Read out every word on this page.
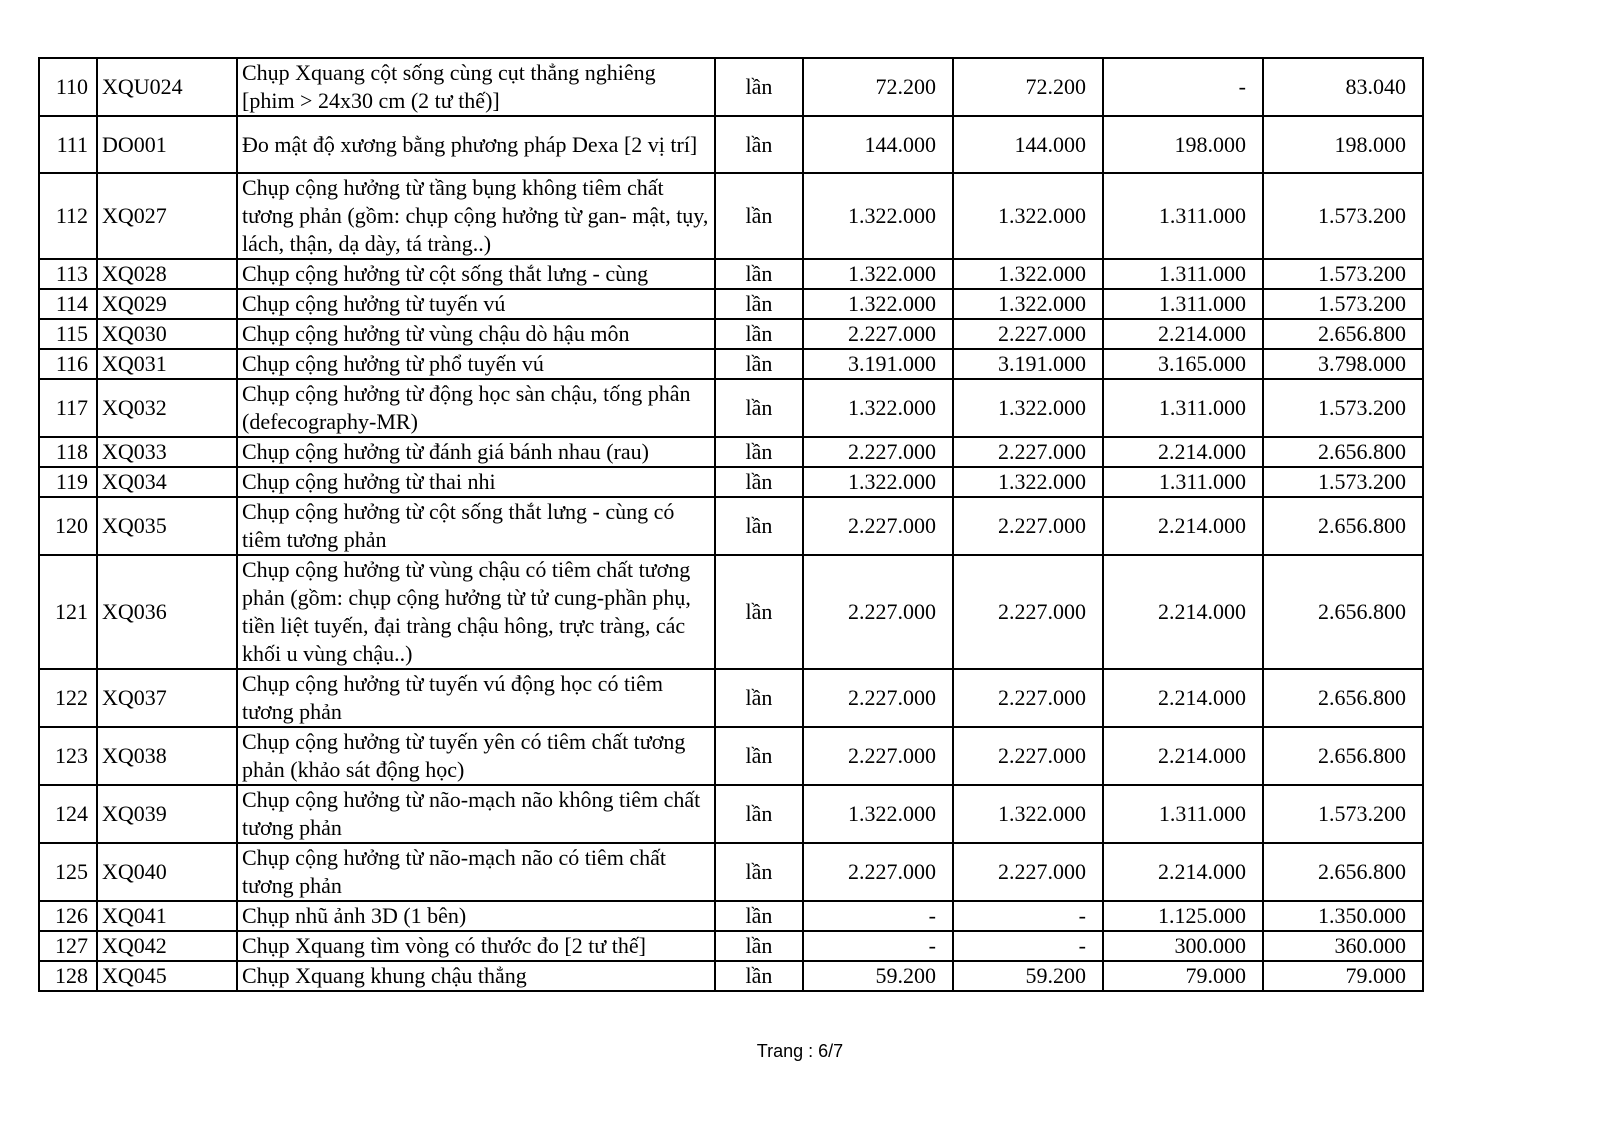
110	XQU024	Chụp Xquang cột sống cùng cụt thẳng nghiêng [phim > 24x30 cm (2 tư thế)]	lần	72.200	72.200	-	83.040
111	DO001	Đo mật độ xương bằng phương pháp Dexa [2 vị trí]	lần	144.000	144.000	198.000	198.000
112	XQ027	Chụp cộng hưởng từ tầng bụng không tiêm chất tương phản (gồm: chụp cộng hưởng từ gan- mật, tụy, lách, thận, dạ dày, tá tràng..)	lần	1.322.000	1.322.000	1.311.000	1.573.200
113	XQ028	Chụp cộng hưởng từ cột sống thắt lưng - cùng	lần	1.322.000	1.322.000	1.311.000	1.573.200
114	XQ029	Chụp cộng hưởng từ tuyến vú	lần	1.322.000	1.322.000	1.311.000	1.573.200
115	XQ030	Chụp cộng hưởng từ vùng chậu dò hậu môn	lần	2.227.000	2.227.000	2.214.000	2.656.800
116	XQ031	Chụp cộng hưởng từ phổ tuyến vú	lần	3.191.000	3.191.000	3.165.000	3.798.000
117	XQ032	Chụp cộng hưởng từ động học sàn chậu, tống phân (defecography-MR)	lần	1.322.000	1.322.000	1.311.000	1.573.200
118	XQ033	Chụp cộng hưởng từ đánh giá bánh nhau (rau)	lần	2.227.000	2.227.000	2.214.000	2.656.800
119	XQ034	Chụp cộng hưởng từ thai nhi	lần	1.322.000	1.322.000	1.311.000	1.573.200
120	XQ035	Chụp cộng hưởng từ cột sống thắt lưng - cùng có tiêm tương phản	lần	2.227.000	2.227.000	2.214.000	2.656.800
121	XQ036	Chụp cộng hưởng từ vùng chậu có tiêm chất tương phản (gồm: chụp cộng hưởng từ tử cung-phần phụ, tiền liệt tuyến, đại tràng chậu hông, trực tràng, các khối u vùng chậu..)	lần	2.227.000	2.227.000	2.214.000	2.656.800
122	XQ037	Chụp cộng hưởng từ tuyến vú động học có tiêm tương phản	lần	2.227.000	2.227.000	2.214.000	2.656.800
123	XQ038	Chụp cộng hưởng từ tuyến yên có tiêm chất tương phản (khảo sát động học)	lần	2.227.000	2.227.000	2.214.000	2.656.800
124	XQ039	Chụp cộng hưởng từ não-mạch não không tiêm chất tương phản	lần	1.322.000	1.322.000	1.311.000	1.573.200
125	XQ040	Chụp cộng hưởng từ não-mạch não có tiêm chất tương phản	lần	2.227.000	2.227.000	2.214.000	2.656.800
126	XQ041	Chụp nhũ ảnh 3D (1 bên)	lần	-	-	1.125.000	1.350.000
127	XQ042	Chụp Xquang tìm vòng có thước đo [2 tư thế]	lần	-	-	300.000	360.000
128	XQ045	Chụp Xquang khung chậu thẳng	lần	59.200	59.200	79.000	79.000
Trang : 6/7
